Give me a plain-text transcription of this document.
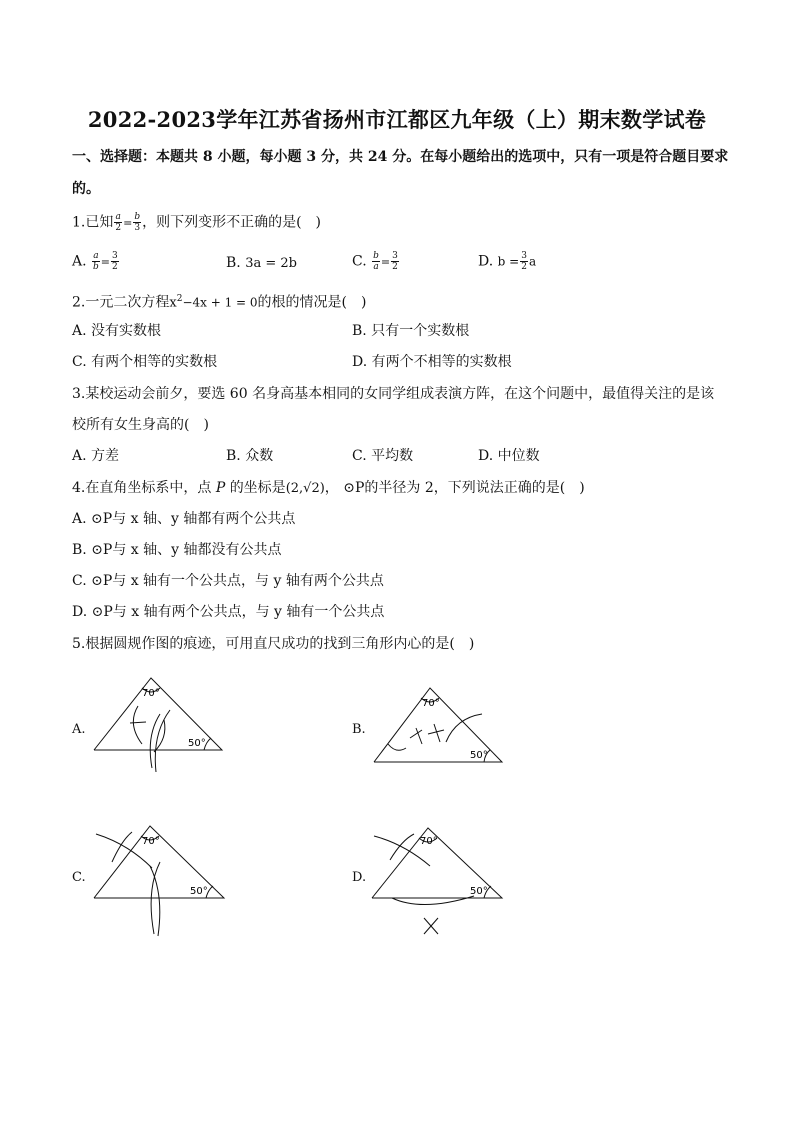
2022-2023学年江苏省扬州市江都区九年级（上）期末数学试卷
一、选择题：本题共 8 小题，每小题 3 分，共 24 分。在每小题给出的选项中，只有一项是符合题目要求
的。
1.已知 $\frac{a}{2} = \frac{b}{3}$ ，则下列变形不正确的是(　)
A. $\frac{a}{b} = \frac{3}{2}$	B. 3a = 2b	C. $\frac{b}{a} = \frac{3}{2}$	D. $b = \frac{3}{2}$ a
2.一元二次方程$x^2-4x + 1 = 0$的根的情况是(　)
A. 没有实数根	B. 只有一个实数根
C. 有两个相等的实数根	D. 有两个不相等的实数根
3.某校运动会前夕，要选 60 名身高基本相同的女同学组成表演方阵，在这个问题中，最值得关注的是该
校所有女生身高的(　)
A. 方差	B. 众数	C. 平均数	D. 中位数
4.在直角坐标系中，点 P 的坐标是(2,√2)， ⊙P的半径为 2，下列说法正确的是(　)
A. ⊙P与 x 轴、y 轴都有两个公共点
B. ⊙P与 x 轴、y 轴都没有公共点
C. ⊙P与 x 轴有一个公共点，与 y 轴有两个公共点
D. ⊙P与 x 轴有两个公共点，与 y 轴有一个公共点
5.根据圆规作图的痕迹，可用直尺成功的找到三角形内心的是(　)
70°
50°
A.
70°
50°
B.
70°
50°
C.
70°
50°
D.
